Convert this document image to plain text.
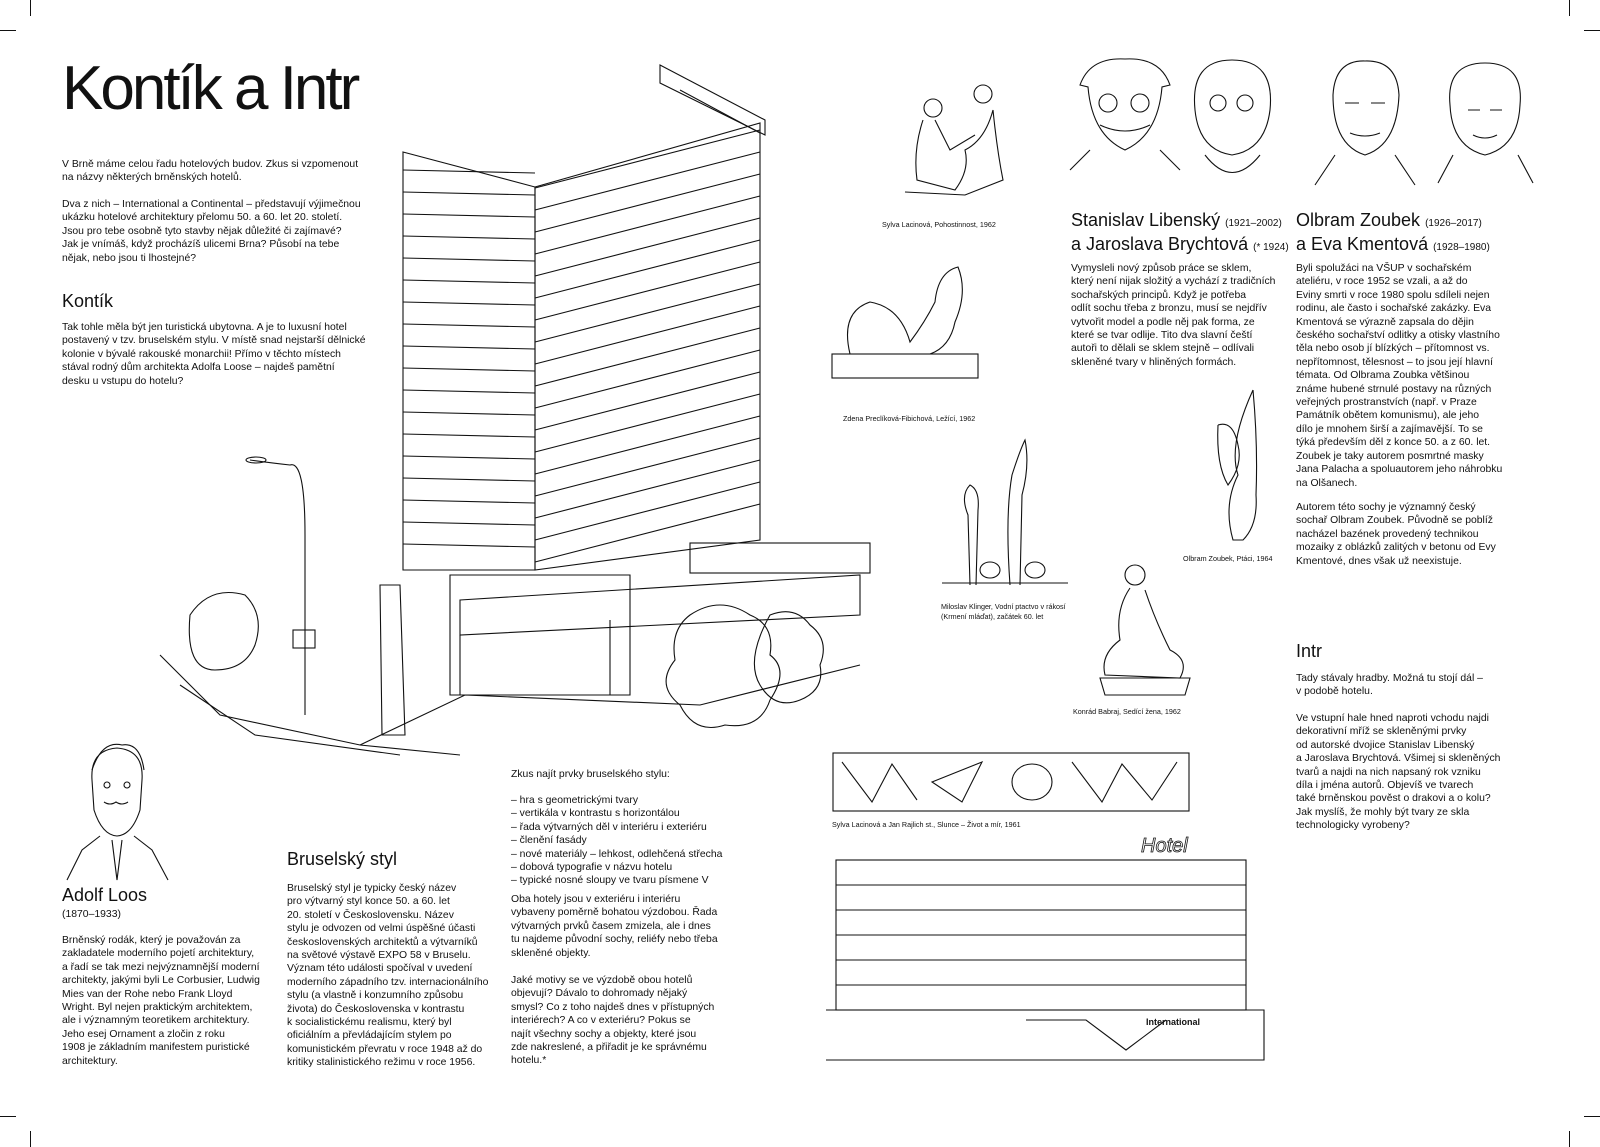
Kontík a Intr
V Brně máme celou řadu hotelových budov. Zkus si vzpomenout
na názvy některých brněnských hotelů.
Dva z nich – International a Continental – představují výjimečnou
ukázku hotelové architektury přelomu 50. a 60. let 20. století.
Jsou pro tebe osobně tyto stavby nějak důležité či zajímavé?
Jak je vnímáš, když procházíš ulicemi Brna? Působí na tebe
nějak, nebo jsou ti lhostejné?
Kontík
Tak tohle měla být jen turistická ubytovna. A je to luxusní hotel
postavený v tzv. bruselském stylu. V místě snad nejstarší dělnické
kolonie v bývalé rakouské monarchii! Přímo v těchto místech
stával rodný dům architekta Adolfa Loose – najdeš pamětní
desku u vstupu do hotelu?
Adolf Loos
(1870–1933)
Brněnský rodák, který je považován za
zakladatele moderního pojetí architektury,
a řadí se tak mezi nejvýznamnější moderní
architekty, jakými byli Le Corbusier, Ludwig
Mies van der Rohe nebo Frank Lloyd
Wright. Byl nejen praktickým architektem,
ale i významným teoretikem architektury.
Jeho esej Ornament a zločin z roku
1908 je základním manifestem puristické
architektury.
Bruselský styl
Bruselský styl je typicky český název
pro výtvarný styl konce 50. a 60. let
20. století v Československu. Název
stylu je odvozen od velmi úspěšné účasti
československých architektů a výtvarníků
na světové výstavě EXPO 58 v Bruselu.
Význam této události spočíval v uvedení
moderního západního tzv. internacionálního
stylu (a vlastně i konzumního způsobu
života) do Československa v kontrastu
k socialistickému realismu, který byl
oficiálním a převládajícím stylem po
komunistickém převratu v roce 1948 až do
kritiky stalinistického režimu v roce 1956.
Zkus najít prvky bruselského stylu:
– hra s geometrickými tvary
– vertikála v kontrastu s horizontálou
– řada výtvarných děl v interiéru i exteriéru
– členění fasády
– nové materiály – lehkost, odlehčená střecha
– dobová typografie v názvu hotelu
– typické nosné sloupy ve tvaru písmene V
Oba hotely jsou v exteriéru i interiéru
vybaveny poměrně bohatou výzdobou. Řada
výtvarných prvků časem zmizela, ale i dnes
tu najdeme původní sochy, reliéfy nebo třeba
skleněné objekty.
Jaké motivy se ve výzdobě obou hotelů
objevují? Dávalo to dohromady nějaký
smysl? Co z toho najdeš dnes v přístupných
interiérech? A co v exteriéru? Pokus se
najít všechny sochy a objekty, které jsou
zde nakreslené, a přiřadit je ke správnému
hotelu.*
Sylva Lacinová, Pohostinnost, 1962
Zdena Preclíková-Fibichová, Ležící, 1962
Miloslav Klinger, Vodní ptactvo v rákosí
(Krmení mláďat), začátek 60. let
Olbram Zoubek, Ptáci, 1964
Konrád Babraj, Sedící žena, 1962
Stanislav Libenský (1921–2002)
a Jaroslava Brychtová (* 1924)
Vymysleli nový způsob práce se sklem,
který není nijak složitý a vychází z tradičních
sochařských principů. Když je potřeba
odlít sochu třeba z bronzu, musí se nejdřív
vytvořit model a podle něj pak forma, ze
které se tvar odlije. Tito dva slavní čeští
autoři to dělali se sklem stejně – odlívali
skleněné tvary v hliněných formách.
Olbram Zoubek (1926–2017)
a Eva Kmentová (1928–1980)
Byli spolužáci na VŠUP v sochařském
ateliéru, v roce 1952 se vzali, a až do
Eviny smrti v roce 1980 spolu sdíleli nejen
rodinu, ale často i sochařské zakázky. Eva
Kmentová se výrazně zapsala do dějin
českého sochařství odlitky a otisky vlastního
těla nebo osob jí blízkých – přítomnost vs.
nepřítomnost, tělesnost – to jsou její hlavní
témata. Od Olbrama Zoubka většinou
známe hubené strnulé postavy na různých
veřejných prostranstvích (např. v Praze
Památník obětem komunismu), ale jeho
dílo je mnohem širší a zajímavější. To se
týká především děl z konce 50. a z 60. let.
Zoubek je taky autorem posmrtné masky
Jana Palacha a spoluautorem jeho náhrobku
na Olšanech.
Autorem této sochy je významný český
sochař Olbram Zoubek. Původně se poblíž
nacházel bazének provedený technikou
mozaiky z oblázků zalitých v betonu od Evy
Kmentové, dnes však už neexistuje.
Intr
Tady stávaly hradby. Možná tu stojí dál –
v podobě hotelu.
Ve vstupní hale hned naproti vchodu najdi
dekorativní mříž se skleněnými prvky
od autorské dvojice Stanislav Libenský
a Jaroslava Brychtová. Všimej si skleněných
tvarů a najdi na nich napsaný rok vzniku
díla i jména autorů. Objevíš ve tvarech
také brněnskou pověst o drakovi a o kolu?
Jak myslíš, že mohly být tvary ze skla
technologicky vyrobeny?
Sylva Lacinová a Jan Rajlich st., Slunce – Život a mír, 1961
Hotel
International
